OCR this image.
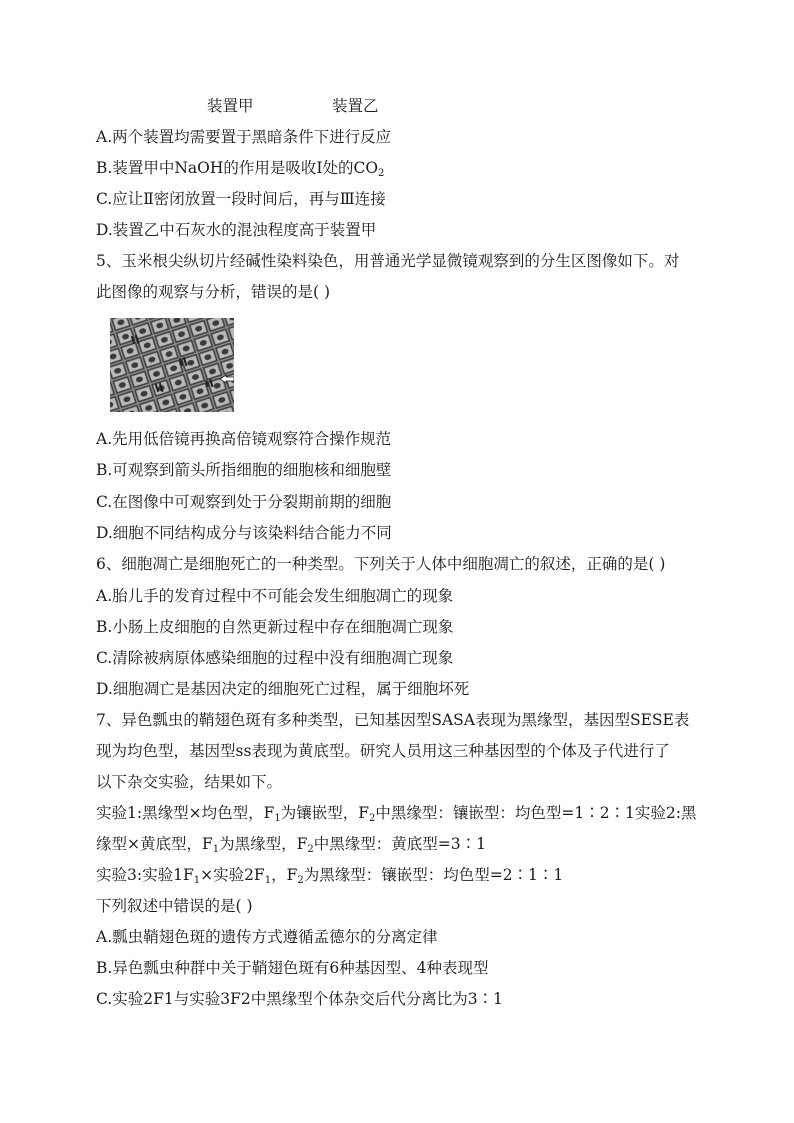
装置甲	装置乙
A.两个装置均需要置于黑暗条件下进行反应
B.装置甲中NaOH的作用是吸收I处的$CO_2$
C.应让Ⅱ密闭放置一段时间后，再与Ⅲ连接
D.装置乙中石灰水的混浊程度高于装置甲
5、玉米根尖纵切片经碱性染料染色，用普通光学显微镜观察到的分生区图像如下。对
此图像的观察与分析，错误的是( )
A.先用低倍镜再换高倍镜观察符合操作规范
B.可观察到箭头所指细胞的细胞核和细胞壁
C.在图像中可观察到处于分裂期前期的细胞
D.细胞不同结构成分与该染料结合能力不同
6、细胞凋亡是细胞死亡的一种类型。下列关于人体中细胞凋亡的叙述，正确的是( )
A.胎儿手的发育过程中不可能会发生细胞凋亡的现象
B.小肠上皮细胞的自然更新过程中存在细胞凋亡现象
C.清除被病原体感染细胞的过程中没有细胞凋亡现象
D.细胞凋亡是基因决定的细胞死亡过程，属于细胞坏死
7、异色瓢虫的鞘翅色斑有多种类型，已知基因型SASA表现为黑缘型，基因型SESE表
现为均色型，基因型ss表现为黄底型。研究人员用这三种基因型的个体及子代进行了
以下杂交实验，结果如下。
实验1:黑缘型×均色型，$F_1$为镶嵌型，$F_2$中黑缘型：镶嵌型：均色型=1∶2∶1实验2:黑
缘型×黄底型，$F_1$为黑缘型，$F_2$中黑缘型：黄底型=3∶1
实验3:实验$1F_1\times$实验$2F_1$，$F_2$为黑缘型：镶嵌型：均色型=2∶1∶1
下列叙述中错误的是( )
A.瓢虫鞘翅色斑的遗传方式遵循孟德尔的分离定律
B.异色瓢虫种群中关于鞘翅色斑有6种基因型、4种表现型
C.实验2F1与实验3F2中黑缘型个体杂交后代分离比为3∶1
